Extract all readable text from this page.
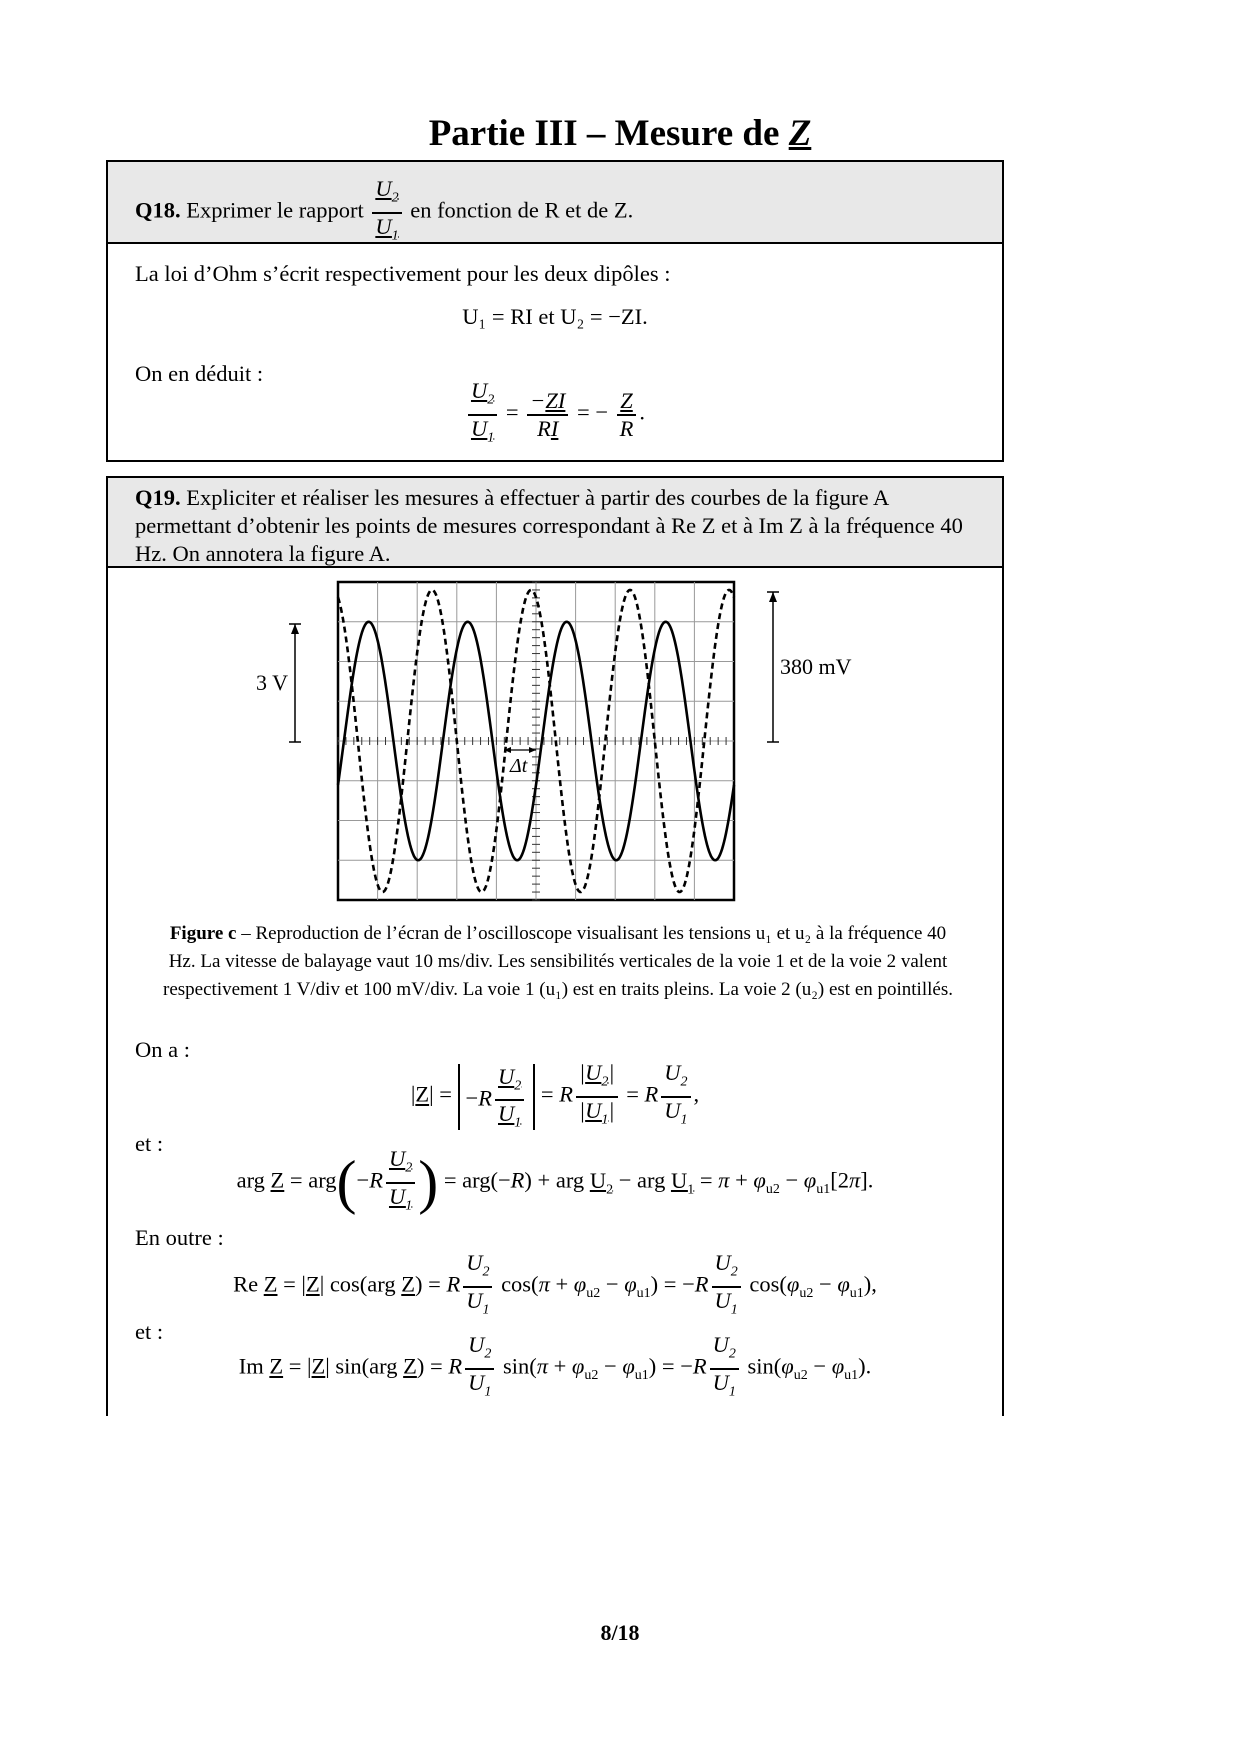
Partie III – Mesure de Z
Q18. Exprimer le rapport $\frac{U_2}{U_1}$ en fonction de R et de Z.
La loi d’Ohm s’écrit respectivement pour les deux dipôles :
U₁ = RI et U₂ = −ZI.
On en déduit :
$\frac{U_2}{U_1} = \frac{-ZI}{RI}$ = − $\frac{Z}{R}$ .
Q19. Expliciter et réaliser les mesures à effectuer à partir des courbes de la figure A permettant d’obtenir les points de mesures correspondant à Re Z et à Im Z à la fréquence 40 Hz. On annotera la figure A.
3 V
380 mV
Δt
Figure c – Reproduction de l’écran de l’oscilloscope visualisant les tensions u₁ et u₂ à la fréquence 40 Hz. La vitesse de balayage vaut 10 ms/div. Les sensibilités verticales de la voie 1 et de la voie 2 valent respectivement 1 V/div et 100 mV/div. La voie 1 (u₁) est en traits pleins. La voie 2 (u₂) est en pointillés.
On a :
$|Z| = -R \frac{U_2}{U_1} = R \frac{|U_2|}{|U_1|} = R \frac{U_2}{U_1}$ ,
et :
arg $Z = arg(-R \frac{U_2}{U_1}$ ) = arg(−R) + arg $U_2$ − arg $U_1 = \pi + \varphi_{u2} - \varphi_{u1}[2\pi]$.
En outre :
Re Z = |Z| cos(arg Z) = R $\frac{U_2}{U_1} \cos(\pi + \varphi_{u2} - \varphi_{u1}) = -R \frac{U_2}{U_1} \cos(\varphi_{u2} - \varphi_{u1})$,
et :
Im Z = |Z| sin(arg Z) = R $\frac{U_2}{U_1} \sin(\pi + \varphi_{u2} - \varphi_{u1}) = -R \frac{U_2}{U_1} \sin(\varphi_{u2} - \varphi_{u1})$.
8/18
